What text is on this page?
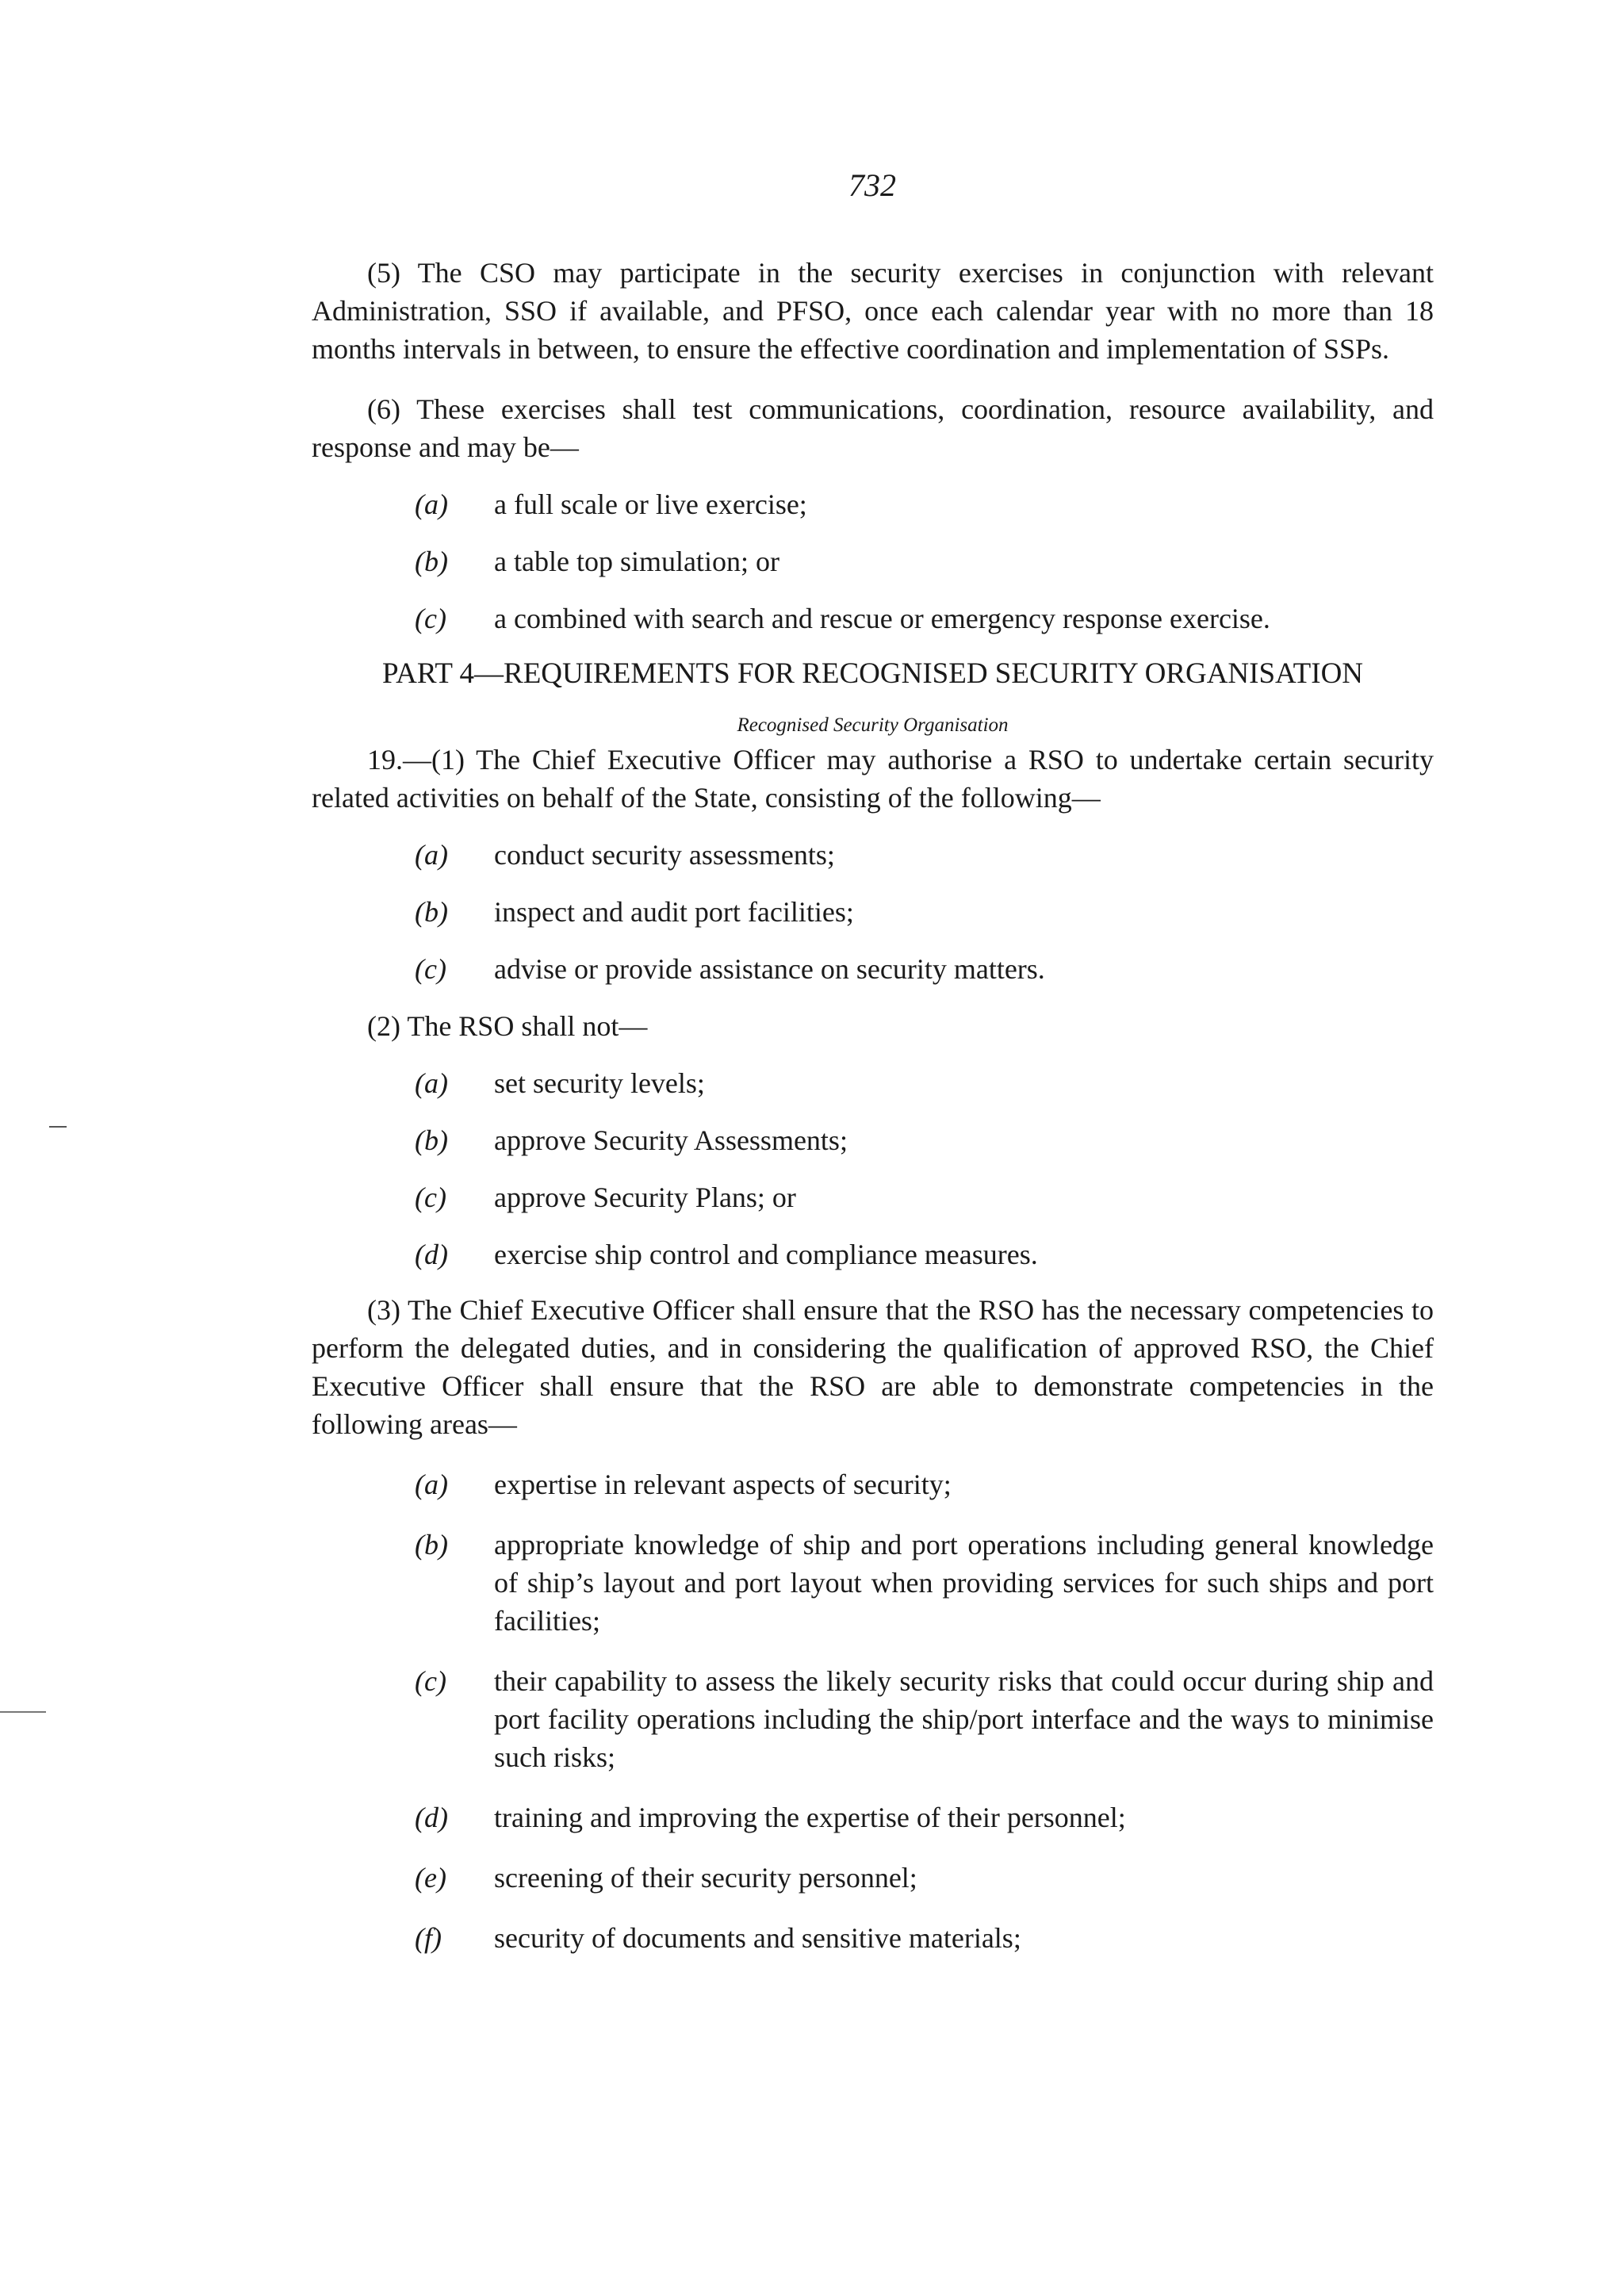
732

(5) The CSO may participate in the security exercises in conjunction with relevant Administration, SSO if available, and PFSO, once each calendar year with no more than 18 months intervals in between, to ensure the effective coordination and implementation of SSPs.

(6) These exercises shall test communications, coordination, resource availability, and response and may be—

(a) a full scale or live exercise;
(b) a table top simulation; or
(c) a combined with search and rescue or emergency response exercise.
PART 4—REQUIREMENTS FOR RECOGNISED SECURITY ORGANISATION
Recognised Security Organisation

19.—(1) The Chief Executive Officer may authorise a RSO to undertake certain security related activities on behalf of the State, consisting of the following—

(a) conduct security assessments;
(b) inspect and audit port facilities;
(c) advise or provide assistance on security matters.

(2) The RSO shall not—

(a) set security levels;
(b) approve Security Assessments;
(c) approve Security Plans; or
(d) exercise ship control and compliance measures.

(3) The Chief Executive Officer shall ensure that the RSO has the necessary competencies to perform the delegated duties, and in considering the qualification of approved RSO, the Chief Executive Officer shall ensure that the RSO are able to demonstrate competencies in the following areas—

(a) expertise in relevant aspects of security;
(b) appropriate knowledge of ship and port operations including general knowledge of ship’s layout and port layout when providing services for such ships and port facilities;
(c) their capability to assess the likely security risks that could occur during ship and port facility operations including the ship/port interface and the ways to minimise such risks;
(d) training and improving the expertise of their personnel;
(e) screening of their security personnel;
(f) security of documents and sensitive materials;
